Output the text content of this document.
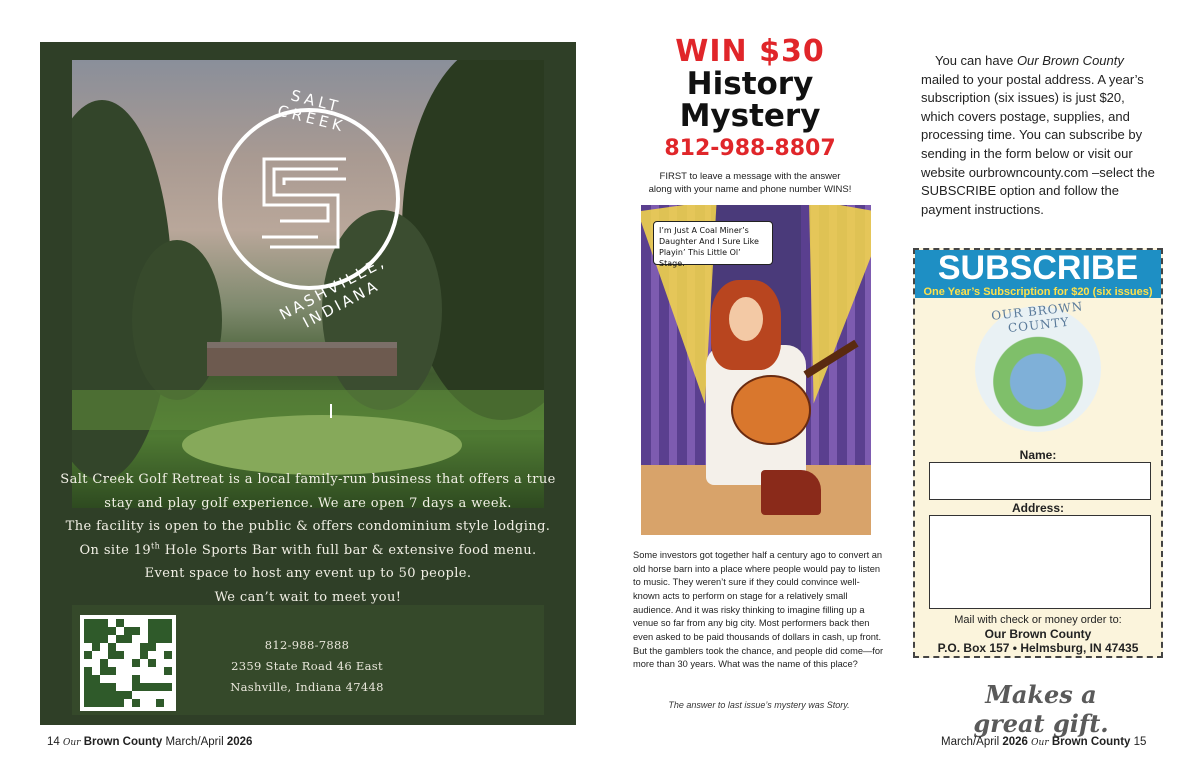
SALT CREEK
NASHVILLE, INDIANA
Salt Creek Golf Retreat is a local family-run business that offers a true
stay and play golf experience. We are open 7 days a week.
The facility is open to the public & offers condominium style lodging.
On site 19th Hole Sports Bar with full bar & extensive food menu.
Event space to host any event up to 50 people.
We can’t wait to meet you!
812-988-7888
2359 State Road 46 East
Nashville, Indiana 47448
14 Our Brown County March/April 2026
WIN $30
History
Mystery
812-988-8807
FIRST to leave a message with the answer
along with your name and phone number WINS!
I’m Just A Coal Miner’s Daughter And I Sure Like Playin’ This Little Ol’ Stage.
Some investors got together half a century ago to convert an old horse barn into a place where people would pay to listen to music. They weren’t sure if they could convince well-known acts to perform on stage for a relatively small audience. And it was risky thinking to imagine filling up a venue so far from any big city. Most performers back then even asked to be paid thousands of dollars in cash, up front. But the gamblers took the chance, and people did come—for more than 30 years. What was the name of this place?
The answer to last issue’s mystery was Story.
You can have Our Brown County mailed to your postal address. A year’s subscription (six issues) is just $20, which covers postage, supplies, and processing time. You can subscribe by sending in the form below or visit our website ourbrowncounty.com –select the SUBSCRIBE option and follow the payment instructions.
SUBSCRIBE
One Year’s Subscription for $20 (six issues)
OUR BROWN COUNTY
Name:
Address:
Mail with check or money order to:
Our Brown County
P.O. Box 157 • Helmsburg, IN 47435
Makes a great gift.
March/April 2026 Our Brown County 15
